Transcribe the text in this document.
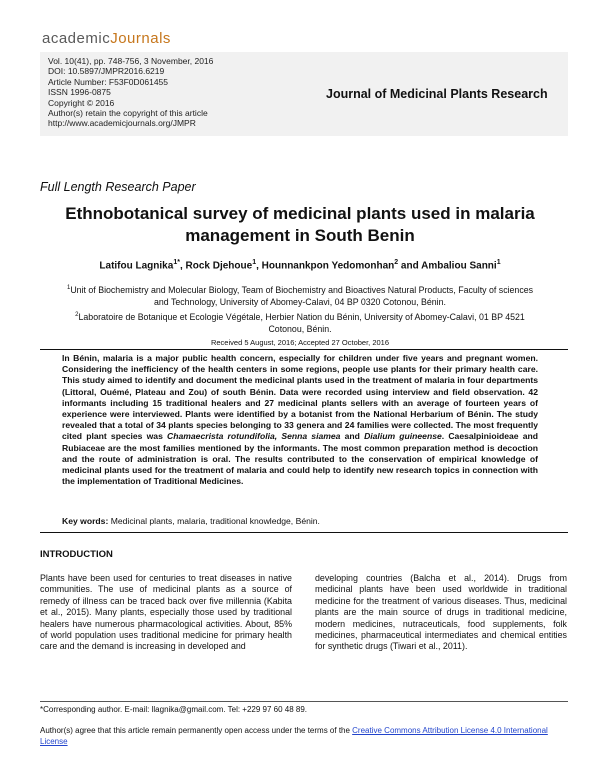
academicJournals
Vol. 10(41), pp. 748-756, 3 November, 2016
DOI: 10.5897/JMPR2016.6219
Article Number: F53F0D061455
ISSN 1996-0875
Copyright © 2016
Author(s) retain the copyright of this article
http://www.academicjournals.org/JMPR
Journal of Medicinal Plants Research
Full Length Research Paper
Ethnobotanical survey of medicinal plants used in malaria management in South Benin
Latifou Lagnika$^{1*}$, Rock Djehoue$^1$, Hounnankpon Yedomonhan$^2$ and Ambaliou Sanni$^1$
$^1$Unit of Biochemistry and Molecular Biology, Team of Biochemistry and Bioactives Natural Products, Faculty of sciences and Technology, University of Abomey-Calavi, 04 BP 0320 Cotonou, Bénin.
$^2$Laboratoire de Botanique et Ecologie Végétale, Herbier Nation du Bénin, University of Abomey-Calavi, 01 BP 4521 Cotonou, Bénin.
Received 5 August, 2016; Accepted 27 October, 2016
In Bénin, malaria is a major public health concern, especially for children under five years and pregnant women. Considering the inefficiency of the health centers in some regions, people use plants for their primary health care. This study aimed to identify and document the medicinal plants used in the treatment of malaria in four departments (Littoral, Ouémé, Plateau and Zou) of south Bénin. Data were recorded using interview and field observation. 42 informants including 15 traditional healers and 27 medicinal plants sellers with an average of fourteen years of experience were interviewed. Plants were identified by a botanist from the National Herbarium of Bénin. The study revealed that a total of 34 plants species belonging to 33 genera and 24 families were collected. The most frequently cited plant species was Chamaecrista rotundifolia, Senna siamea and Dialium guineense. Caesalpinioideae and Rubiaceae are the most families mentioned by the informants. The most common preparation method is decoction and the route of administration is oral. The results contributed to the conservation of empirical knowledge of medicinal plants used for the treatment of malaria and could help to identify new research topics in connection with the implementation of Traditional Medicines.
Key words: Medicinal plants, malaria, traditional knowledge, Bénin.
INTRODUCTION
Plants have been used for centuries to treat diseases in native communities. The use of medicinal plants as a source of remedy of illness can be traced back over five millennia (Kabita et al., 2015). Many plants, especially those used by traditional healers have numerous pharmacological activities. About, 85% of world population uses traditional medicine for primary health care and the demand is increasing in developed and
developing countries (Balcha et al., 2014). Drugs from medicinal plants have been used worldwide in traditional medicine for the treatment of various diseases. Thus, medicinal plants are the main source of drugs in traditional medicine, modern medicines, nutraceuticals, food supplements, folk medicines, pharmaceutical intermediates and chemical entities for synthetic drugs (Tiwari et al., 2011).
*Corresponding author. E-mail: llagnika@gmail.com. Tel: +229 97 60 48 89.
Author(s) agree that this article remain permanently open access under the terms of the Creative Commons Attribution License 4.0 International License
